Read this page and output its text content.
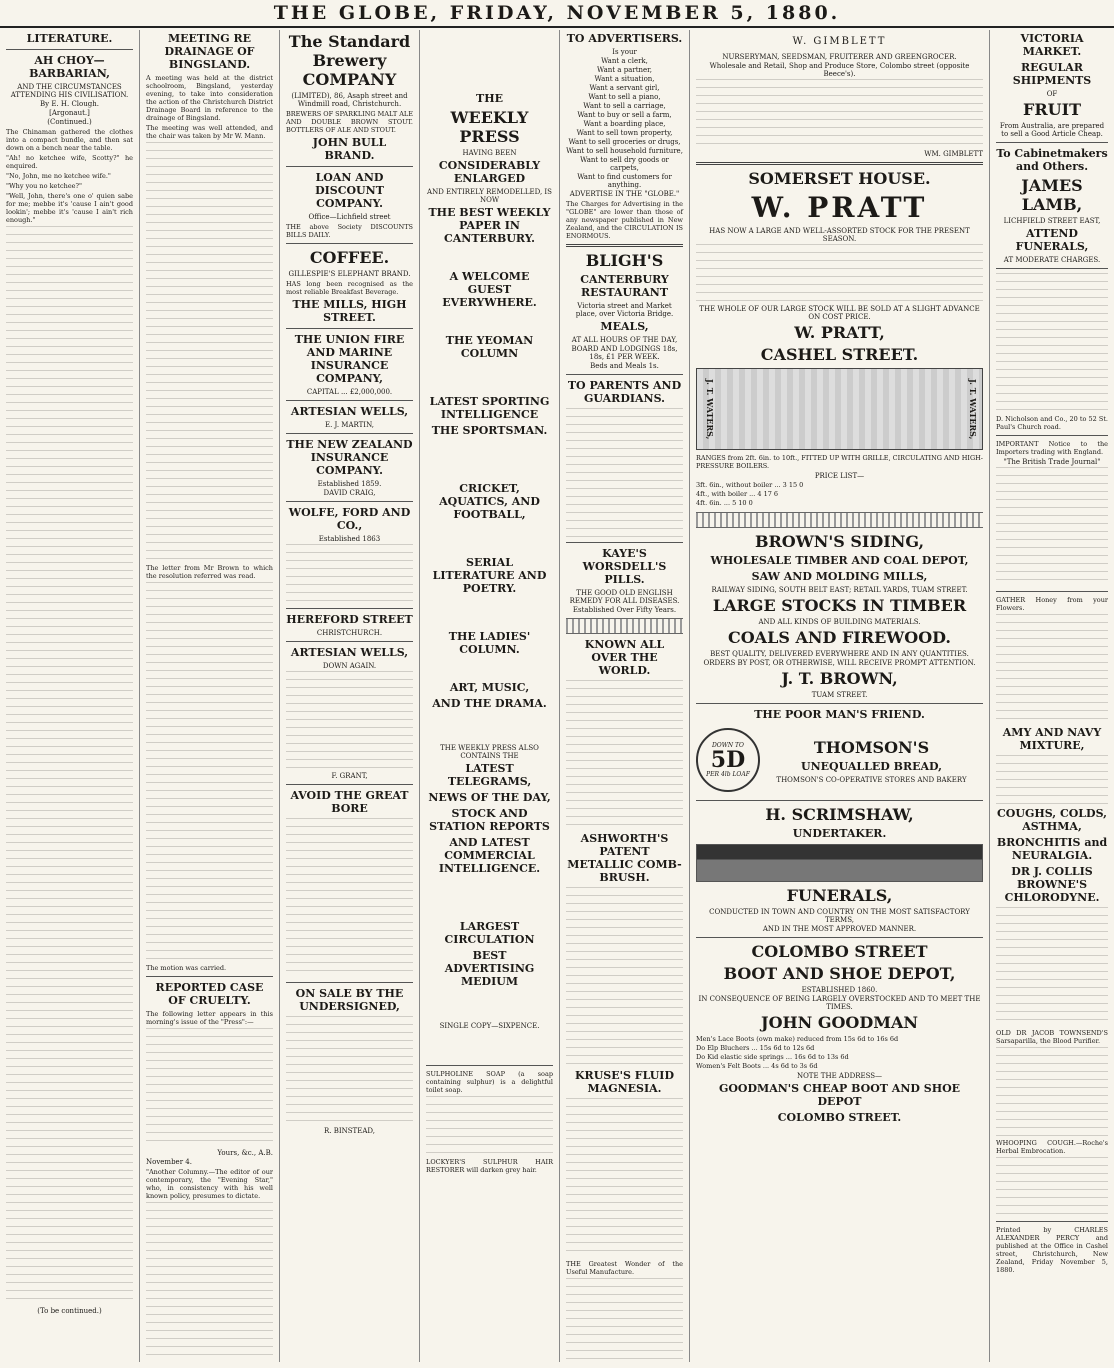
THE GLOBE, FRIDAY, NOVEMBER 5, 1880.
LITERATURE.
AH CHOY—BARBARIAN,
AND THE CIRCUMSTANCES ATTENDING HIS CIVILISATION.
By E. H. Clough.
[Argonaut.]
(Continued.)

The Chinaman gathered the clothes into a compact bundle, and then sat down on a bench near the table.

"Ah! no ketchee wife, Scotty?" he enquired.

"No, John, me no ketchee wife."

"Why you no ketchee?"

"Well, John, there's one o' quien sabe for me; mebbe it's 'cause I ain't good lookin'; mebbe it's 'cause I ain't rich enough."

(To be continued.)
MEETING RE DRAINAGE OF BINGSLAND.

A meeting was held at the district schoolroom, Bingsland, yesterday evening, to take into consideration the action of the Christchurch District Drainage Board in reference to the drainage of Bingsland.

The meeting was well attended, and the chair was taken by Mr W. Mann.

The letter from Mr Brown to which the resolution referred was read.

The motion was carried.

REPORTED CASE OF CRUELTY.

The following letter appears in this morning's issue of the "Press":—

Yours, &c., A.B.
November 4.

"Another Columny.—The editor of our contemporary, the "Evening Star," who, in consistency with his well known policy, presumes to dictate.

The Standard Brewery COMPANY
(LIMITED), 86, Asaph street and Windmill road, Christchurch.

BREWERS OF SPARKLING MALT ALE AND DOUBLE BROWN STOUT. BOTTLERS OF ALE AND STOUT.

JOHN BULL BRAND.
LOAN AND DISCOUNT COMPANY.
Office—Lichfield street

THE above Society DISCOUNTS BILLS DAILY.

COFFEE.
GILLESPIE'S ELEPHANT BRAND.

HAS long been recognised as the most reliable Breakfast Beverage.

THE MILLS, HIGH STREET.
THE UNION FIRE AND MARINE INSURANCE COMPANY,
CAPITAL ... £2,000,000.
ARTESIAN WELLS,
E. J. MARTIN,
THE NEW ZEALAND INSURANCE COMPANY.
Established 1859.
DAVID CRAIG,
WOLFE, FORD AND CO.,
Established 1863
HEREFORD STREET
CHRISTCHURCH.
ARTESIAN WELLS,
DOWN AGAIN.
F. GRANT,
AVOID THE GREAT BORE
ON SALE BY THE UNDERSIGNED,
R. BINSTEAD,
THE
WEEKLY PRESS
HAVING BEEN
CONSIDERABLY ENLARGED
AND ENTIRELY REMODELLED, IS NOW
THE BEST WEEKLY PAPER IN CANTERBURY.
A WELCOME GUEST EVERYWHERE.
THE YEOMAN COLUMN
LATEST SPORTING INTELLIGENCE
THE SPORTSMAN.
CRICKET, AQUATICS, AND FOOTBALL,
SERIAL LITERATURE AND POETRY.
THE LADIES' COLUMN.
ART, MUSIC,
AND THE DRAMA.
THE WEEKLY PRESS ALSO CONTAINS THE
LATEST TELEGRAMS,
NEWS OF THE DAY,
STOCK AND STATION REPORTS
AND LATEST COMMERCIAL INTELLIGENCE.
LARGEST CIRCULATION
BEST ADVERTISING MEDIUM
SINGLE COPY—SIXPENCE.

SULPHOLINE SOAP (a soap containing sulphur) is a delightful toilet soap.

LOCKYER'S SULPHUR HAIR RESTORER will darken grey hair.

TO ADVERTISERS.
Is your
Want a clerk,
Want a partner,
Want a situation,
Want a servant girl,
Want to sell a piano,
Want to sell a carriage,
Want to buy or sell a farm,
Want a boarding place,
Want to sell town property,
Want to sell groceries or drugs,
Want to sell household furniture,
Want to sell dry goods or carpets,
Want to find customers for anything.
ADVERTISE IN THE "GLOBE."

The Charges for Advertising in the "GLOBE" are lower than those of any newspaper published in New Zealand, and the CIRCULATION IS ENORMOUS.

BLIGH'S
CANTERBURY RESTAURANT
Victoria street and Market place, over Victoria Bridge.
MEALS,
AT ALL HOURS OF THE DAY,
BOARD AND LODGINGS 18s, 18s, £1 PER WEEK.
Beds and Meals 1s.
TO PARENTS AND GUARDIANS.
KAYE'S WORSDELL'S PILLS.
THE GOOD OLD ENGLISH REMEDY FOR ALL DISEASES.
Established Over Fifty Years.
KNOWN ALL OVER THE WORLD.
ASHWORTH'S PATENT METALLIC COMB-BRUSH.
KRUSE'S FLUID MAGNESIA.

THE Greatest Wonder of the Useful Manufacture.

W. GIMBLETT
NURSERYMAN, SEEDSMAN, FRUITERER AND GREENGROCER.
Wholesale and Retail, Shop and Produce Store, Colombo street (opposite Beece's).
WM. GIMBLETT
SOMERSET HOUSE.
W. PRATT
HAS NOW A LARGE AND WELL-ASSORTED STOCK FOR THE PRESENT SEASON.
THE WHOLE OF OUR LARGE STOCK WILL BE SOLD AT A SLIGHT ADVANCE ON COST PRICE.
W. PRATT,
CASHEL STREET.
J. T. WATERS,	J. T. WATERS,

RANGES from 2ft. 6in. to 10ft., FITTED UP WITH GRILLE, CIRCULATING AND HIGH-PRESSURE BOILERS.

PRICE LIST—
3ft. 6in., without boiler ... 3 15 0
4ft., with boiler ... 4 17 6
4ft. 6in. ... 5 10 0
BROWN'S SIDING,
WHOLESALE TIMBER AND COAL DEPOT,
SAW AND MOLDING MILLS,
RAILWAY SIDING, SOUTH BELT EAST; RETAIL YARDS, TUAM STREET.
LARGE STOCKS IN TIMBER
AND ALL KINDS OF BUILDING MATERIALS.
COALS AND FIREWOOD.
BEST QUALITY, DELIVERED EVERYWHERE AND IN ANY QUANTITIES.
ORDERS BY POST, OR OTHERWISE, WILL RECEIVE PROMPT ATTENTION.
J. T. BROWN,
TUAM STREET.
THE POOR MAN'S FRIEND.
DOWN TO
5D
PER 4lb LOAF
THOMSON'S
UNEQUALLED BREAD,
THOMSON'S CO-OPERATIVE STORES AND BAKERY
H. SCRIMSHAW,
UNDERTAKER.
FUNERALS,
CONDUCTED IN TOWN AND COUNTRY ON THE MOST SATISFACTORY TERMS,
AND IN THE MOST APPROVED MANNER.
COLOMBO STREET
BOOT AND SHOE DEPOT,
ESTABLISHED 1860.
IN CONSEQUENCE OF BEING LARGELY OVERSTOCKED AND TO MEET THE TIMES.
JOHN GOODMAN
Men's Lace Boots (own make) reduced from 15s 6d to 16s 6d
Do Elp Bluchers ... 15s 6d to 12s 6d
Do Kid elastic side springs ... 16s 6d to 13s 6d
Women's Felt Boots ... 4s 6d to 3s 6d
NOTE THE ADDRESS—
GOODMAN'S CHEAP BOOT AND SHOE DEPOT
COLOMBO STREET.
VICTORIA MARKET.
REGULAR SHIPMENTS
OF
FRUIT
From Australia, are prepared to sell a Good Article Cheap.
To Cabinetmakers and Others.
JAMES LAMB,
LICHFIELD STREET EAST,
ATTEND FUNERALS,
AT MODERATE CHARGES.

D. Nicholson and Co., 20 to 52 St. Paul's Church road.

IMPORTANT Notice to the Importers trading with England.

"The British Trade Journal"

GATHER Honey from your Flowers.

AMY AND NAVY MIXTURE,
COUGHS, COLDS, ASTHMA,
BRONCHITIS and NEURALGIA.
DR J. COLLIS BROWNE'S CHLORODYNE.

OLD DR JACOB TOWNSEND'S Sarsaparilla, the Blood Purifier.

WHOOPING COUGH.—Roche's Herbal Embrocation.

Printed by CHARLES ALEXANDER PERCY and published at the Office in Cashel street, Christchurch, New Zealand, Friday November 5, 1880.
